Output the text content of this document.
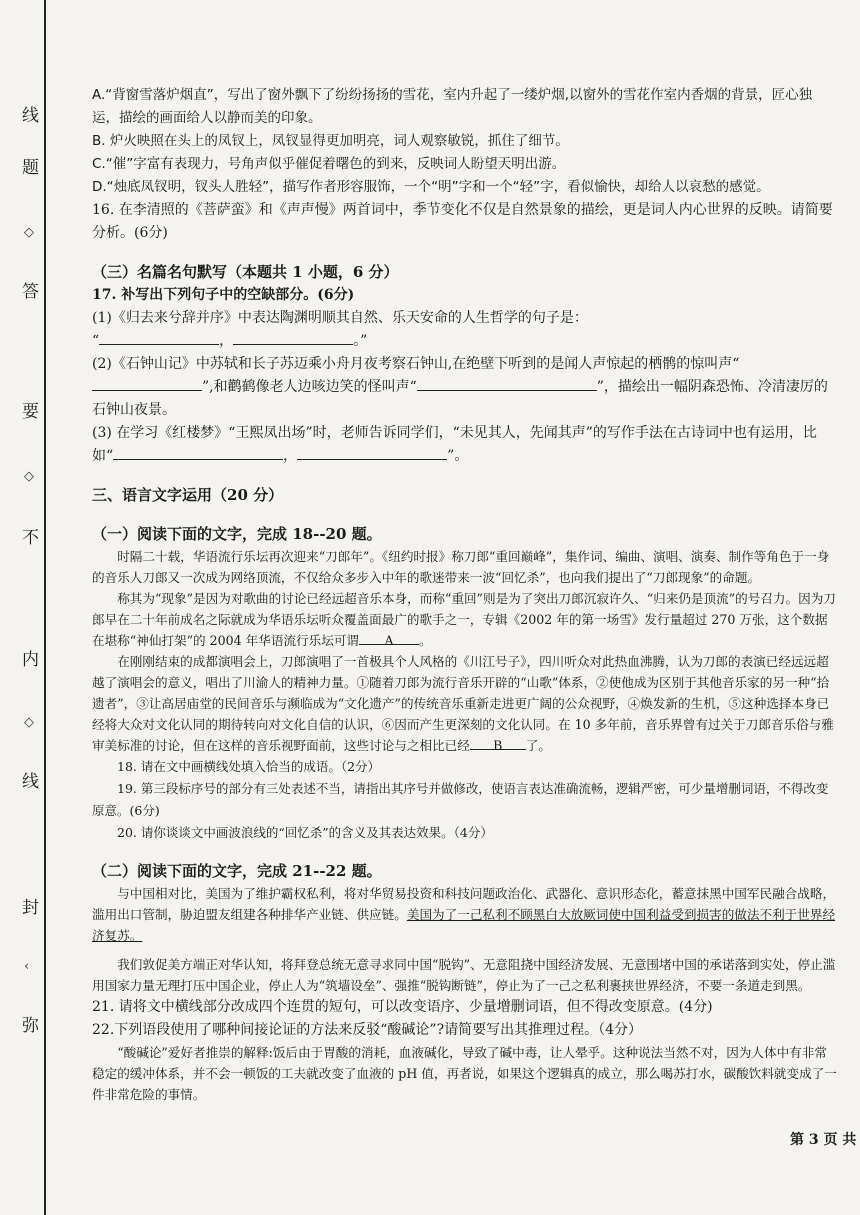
线
题
◇
答
要
◇
不
内
◇
线
封
‹
弥

A.“背窗雪落炉烟直”，写出了窗外飘下了纷纷扬扬的雪花，室内升起了一缕炉烟,以窗外的雪花作室内香烟的背景，匠心独运，描绘的画面给人以静而美的印象。

B. 炉火映照在头上的凤钗上，凤钗显得更加明亮，词人观察敏锐，抓住了细节。

C.“催”字富有表现力，号角声似乎催促着曙色的到来，反映词人盼望天明出游。

D.“烛底凤钗明，钗头人胜轻”，描写作者形容服饰，一个“明”字和一个“轻”字，看似愉快，却给人以哀愁的感觉。

16. 在李清照的《菩萨蛮》和《声声慢》两首词中，季节变化不仅是自然景象的描绘，更是词人内心世界的反映。请简要分析。(6分)

（三）名篇名句默写（本题共 1 小题，6 分）

17. 补写出下列句子中的空缺部分。(6分)

(1)《归去来兮辞并序》中表达陶渊明顺其自然、乐天安命的人生哲学的句子是：

“	，	。”

(2)《石钟山记》中苏轼和长子苏迈乘小舟月夜考察石钟山,在绝壁下听到的是闻人声惊起的栖鹘的惊叫声“”,和鹳鹤像老人边咳边笑的怪叫声“	”，描绘出一幅阴森恐怖、冷清凄厉的石钟山夜景。

(3) 在学习《红楼梦》“王熙凤出场”时，老师告诉同学们，“未见其人，先闻其声”的写作手法在古诗词中也有运用，比如“	，	”。

三、语言文字运用（20 分）

（一）阅读下面的文字，完成 18--20 题。

时隔二十载，华语流行乐坛再次迎来“刀郎年”。《纽约时报》称刀郎“重回巅峰”，集作词、编曲、演唱、演奏、制作等角色于一身的音乐人刀郎又一次成为网络顶流，不仅给众多步入中年的歌迷带来一波“回忆杀”，也向我们提出了“刀郎现象”的命题。

称其为“现象”是因为对歌曲的讨论已经远超音乐本身，而称“重回”则是为了突出刀郎沉寂许久、“归来仍是顶流”的号召力。因为刀郎早在二十年前成名之际就成为华语乐坛听众覆盖面最广的歌手之一，专辑《2002 年的第一场雪》发行量超过 270 万张，这个数据在堪称“神仙打架”的 2004 年华语流行乐坛可谓 A 。

在刚刚结束的成都演唱会上，刀郎演唱了一首极具个人风格的《川江号子》，四川听众对此热血沸腾，认为刀郎的表演已经远远超越了演唱会的意义，唱出了川渝人的精神力量。①随着刀郎为流行音乐开辟的“山歌”体系，②使他成为区别于其他音乐家的另一种“拾遗者”，③让高居庙堂的民间音乐与濒临成为“文化遗产”的传统音乐重新走进更广阔的公众视野，④焕发新的生机，⑤这种选择本身已经将大众对文化认同的期待转向对文化自信的认识，⑥因而产生更深刻的文化认同。在 10 多年前，音乐界曾有过关于刀郎音乐俗与雅审美标准的讨论，但在这样的音乐视野面前，这些讨论与之相比已经 B 了。

18. 请在文中画横线处填入恰当的成语。（2分）

19. 第三段标序号的部分有三处表述不当，请指出其序号并做修改，使语言表达准确流畅，逻辑严密，可少量增删词语，不得改变原意。(6分)

20. 请你谈谈文中画波浪线的“回忆杀”的含义及其表达效果。（4分）

（二）阅读下面的文字，完成 21--22 题。

与中国相对比，美国为了维护霸权私利，将对华贸易投资和科技问题政治化、武器化、意识形态化，蓄意抹黑中国军民融合战略，滥用出口管制，胁迫盟友组建各种排华产业链、供应链。美国为了一己私利不顾黑白大放厥词使中国利益受到损害的做法不利于世界经济复苏。

我们敦促美方端正对华认知，将拜登总统无意寻求同中国“脱钩”、无意阻挠中国经济发展、无意围堵中国的承诺落到实处，停止滥用国家力量无理打压中国企业，停止人为“筑墙设垒”、强推“脱钩断链”，停止为了一己之私利裹挟世界经济，不要一条道走到黑。

21. 请将文中横线部分改成四个连贯的短句，可以改变语序、少量增删词语，但不得改变原意。(4分)

22.下列语段使用了哪种间接论证的方法来反驳“酸碱论”?请简要写出其推理过程。（4分）

“酸碱论”爱好者推崇的解释:饭后由于胃酸的消耗，血液碱化，导致了碱中毒，让人晕乎。这种说法当然不对，因为人体中有非常稳定的缓冲体系，并不会一顿饭的工夫就改变了血液的 pH 值，再者说，如果这个逻辑真的成立，那么喝苏打水，碳酸饮料就变成了一件非常危险的事情。

第 3 页 共
